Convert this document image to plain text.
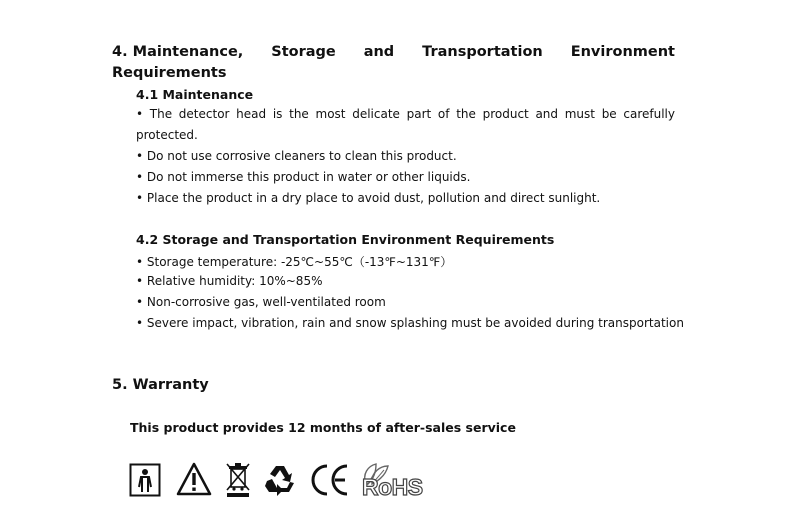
4. Maintenance, Storage and Transportation Environment
Requirements
4.1 Maintenance
• The detector head is the most delicate part of the product and must be carefully
protected.
• Do not use corrosive cleaners to clean this product.
• Do not immerse this product in water or other liquids.
• Place the product in a dry place to avoid dust, pollution and direct sunlight.
4.2 Storage and Transportation Environment Requirements
• Storage temperature: -25℃~55℃（-13℉~131℉）
• Relative humidity: 10%~85%
• Non-corrosive gas, well-ventilated room
• Severe impact, vibration, rain and snow splashing must be avoided during transportation
5. Warranty
This product provides 12 months of after-sales service
RoHS
